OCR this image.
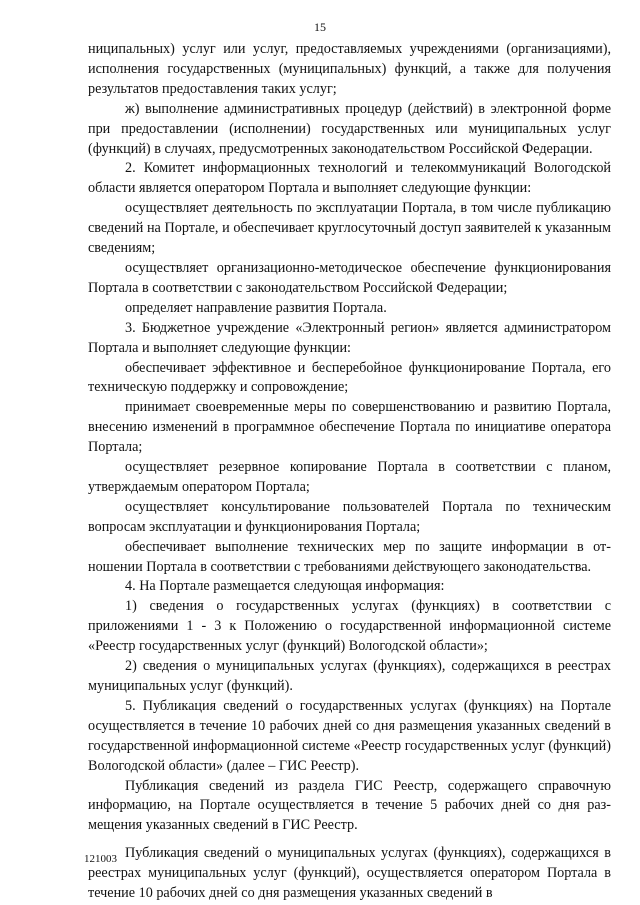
15

ниципальных) услуг или услуг, предоставляемых учреждениями (организациями), исполнения государственных (муниципальных) функций, а также для получения результатов предоставления таких услуг;

ж) выполнение административных процедур (действий) в электронной форме при предоставлении (исполнении) государственных или муниципальных услуг (функций) в случаях, предусмотренных законодательством Российской Федерации.

2. Комитет информационных технологий и телекоммуникаций Вологодской области является оператором Портала и выполняет следующие функции:

осуществляет деятельность по эксплуатации Портала, в том числе публикацию сведений на Портале, и обеспечивает круглосуточный доступ заявителей к указанным сведениям;

осуществляет организационно-методическое обеспечение функционирования Портала в соответствии с законодательством Российской Федерации;

определяет направление развития Портала.

3. Бюджетное учреждение «Электронный регион» является администратором Портала и выполняет следующие функции:

обеспечивает эффективное и бесперебойное функционирование Портала, его техническую поддержку и сопровождение;

принимает своевременные меры по совершенствованию и развитию Портала, внесению изменений в программное обеспечение Портала по инициативе оператора Портала;

осуществляет резервное копирование Портала в соответствии с планом, утверждаемым оператором Портала;

осуществляет консультирование пользователей Портала по техническим вопросам эксплуатации и функционирования Портала;

обеспечивает выполнение технических мер по защите информации в отношении Портала в соответствии с требованиями действующего законодательства.

4. На Портале размещается следующая информация:

1) сведения о государственных услугах (функциях) в соответствии с приложениями 1 - 3 к Положению о государственной информационной системе «Реестр государственных услуг (функций) Вологодской области»;

2) сведения о муниципальных услугах (функциях), содержащихся в реестрах муниципальных услуг (функций).

5. Публикация сведений о государственных услугах (функциях) на Портале осуществляется в течение 10 рабочих дней со дня размещения указанных сведений в государственной информационной системе «Реестр государственных услуг (функций) Вологодской области» (далее – ГИС Реестр).

Публикация сведений из раздела ГИС Реестр, содержащего справочную информацию, на Портале осуществляется в течение 5 рабочих дней со дня размещения указанных сведений в ГИС Реестр.

Публикация сведений о муниципальных услугах (функциях), содержащихся в реестрах муниципальных услуг (функций), осуществляется оператором Портала в течение 10 рабочих дней со дня размещения указанных сведений в

121003
